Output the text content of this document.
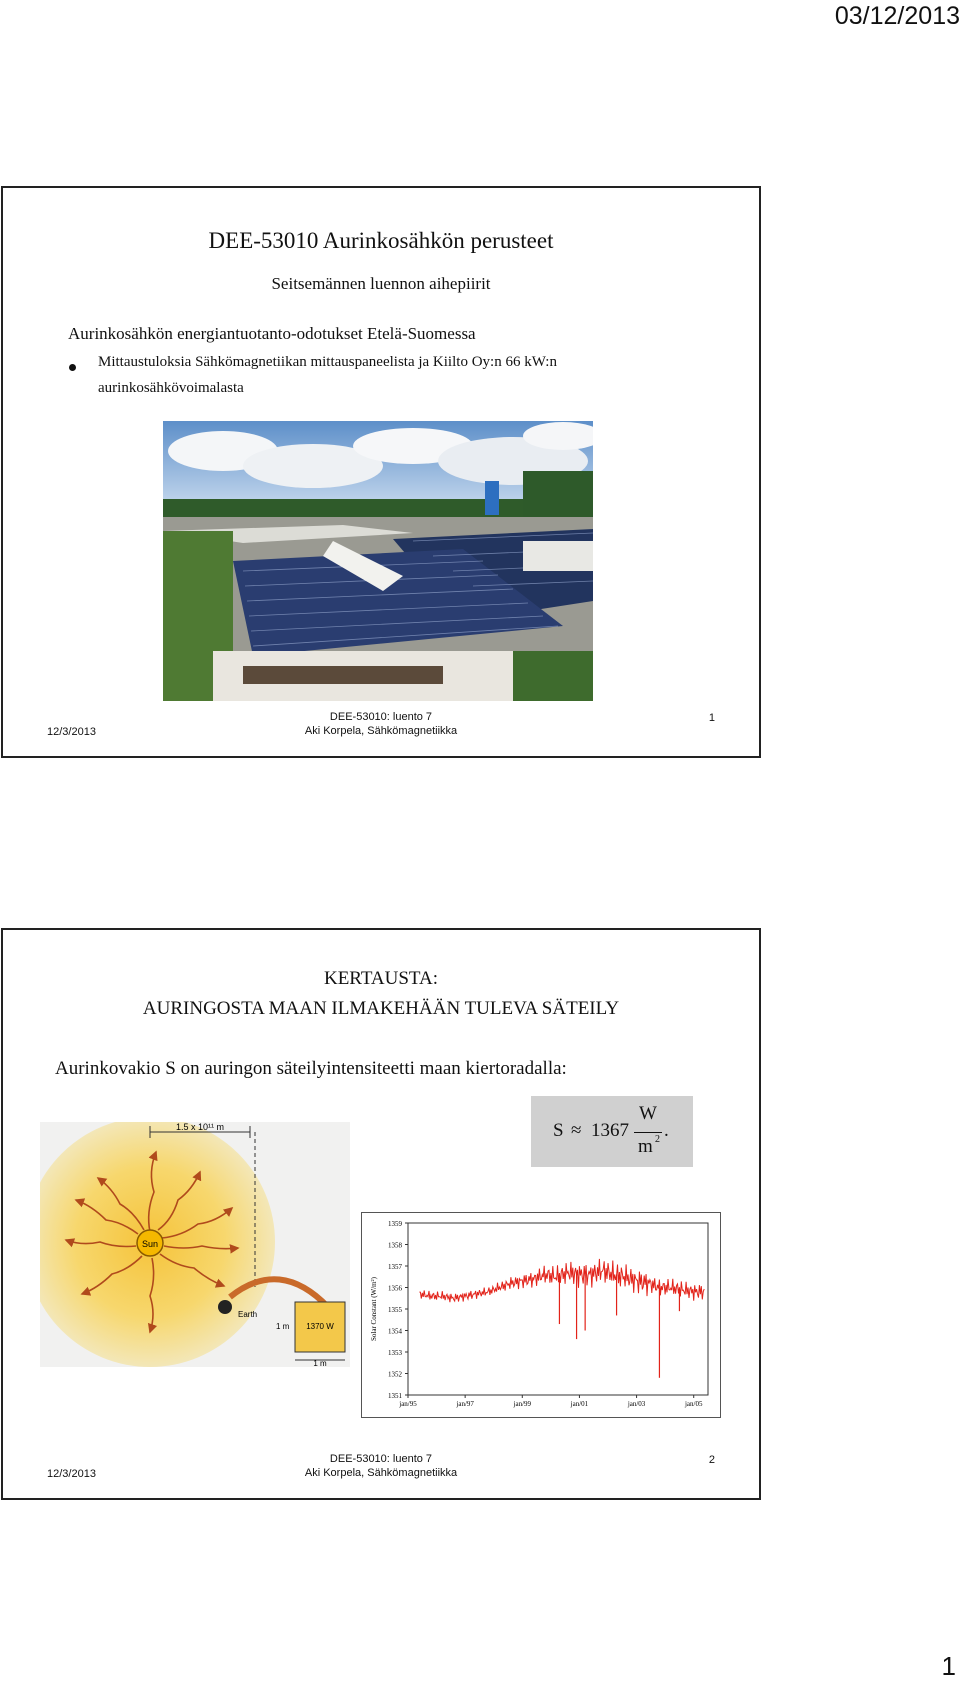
03/12/2013
DEE-53010 Aurinkosähkön perusteet
Seitsemännen luennon aihepiirit
Aurinkosähkön energiantuotanto-odotukset Etelä-Suomessa
Mittaustuloksia Sähkömagnetiikan mittauspaneelista ja Kiilto Oy:n 66 kW:n
aurinkosähkövoimalasta
12/3/2013
DEE-53010: luento 7
Aki Korpela, Sähkömagnetiikka
1
KERTAUSTA:
AURINGOSTA MAAN ILMAKEHÄÄN TULEVA SÄTEILY
Aurinkovakio S on auringon säteilyintensiteetti maan kiertoradalla:
S ≈ 1367
W
m 2 .
Sun
1.5 x 10¹¹ m
Earth
1370 W
1 m
1 m
1351
1352
1353
1354
1355
1356
1357
1358
1359
jan/95	jan/97	jan/99	jan/01	jan/03	jan/05
Solar Constant (W/m²)
12/3/2013
DEE-53010: luento 7
Aki Korpela, Sähkömagnetiikka
2
1
